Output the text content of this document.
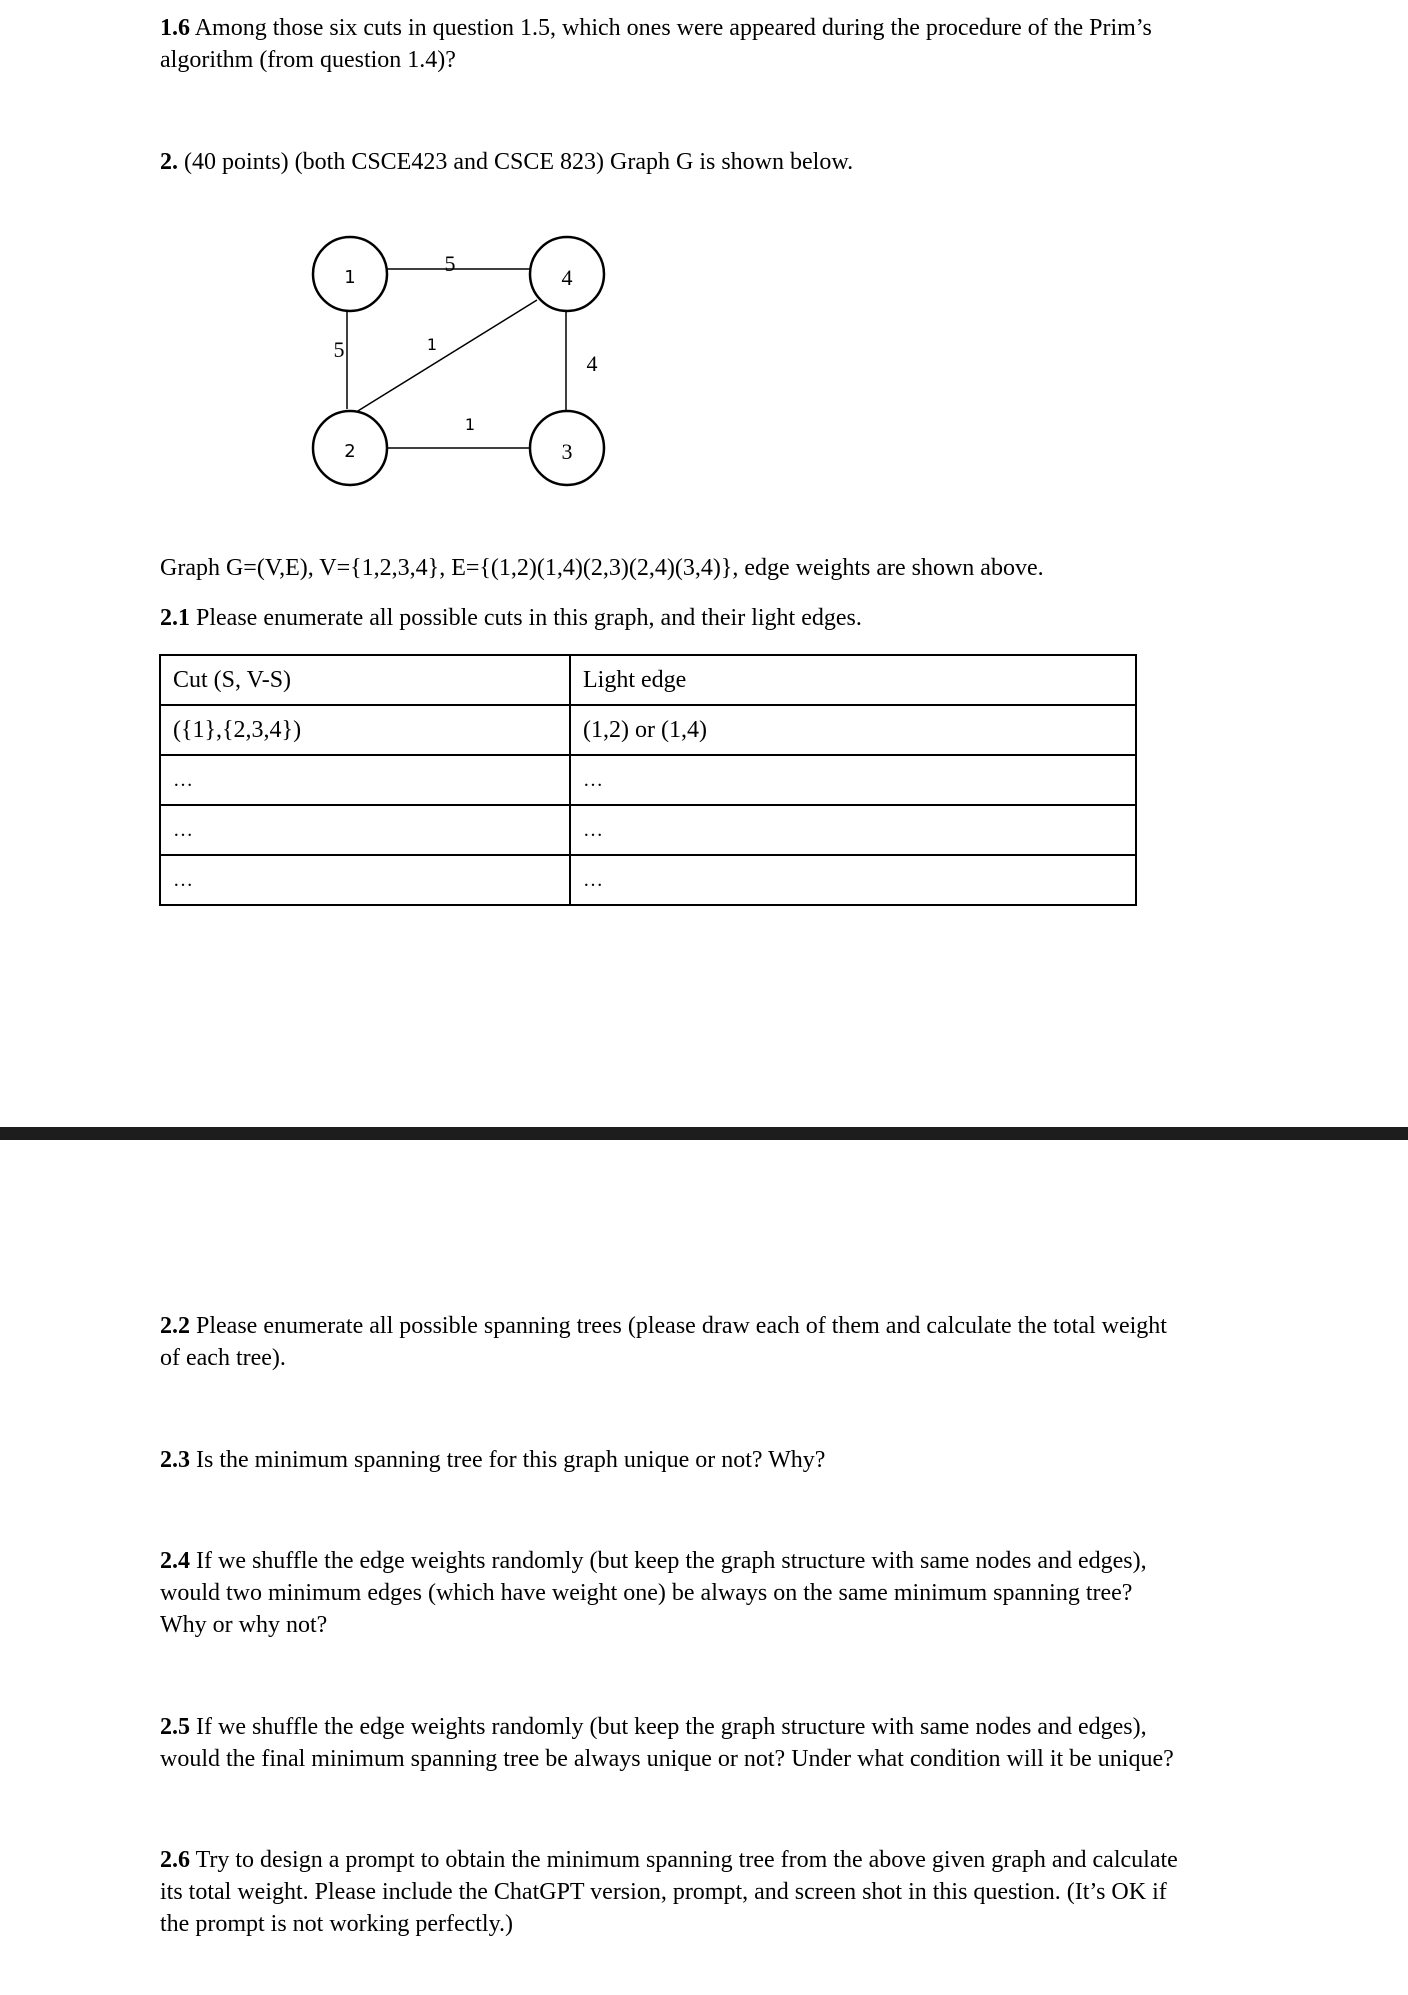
1.6 Among those six cuts in question 1.5, which ones were appeared during the procedure of the Prim’s
algorithm (from question 1.4)?

2. (40 points) (both CSCE423 and CSCE 823) Graph G is shown below.

1	4
2	3
5
5	1
1
4

Graph G=(V,E), V={1,2,3,4}, E={(1,2)(1,4)(2,3)(2,4)(3,4)}, edge weights are shown above.

2.1 Please enumerate all possible cuts in this graph, and their light edges.

Cut (S, V-S)	Light edge
({1},{2,3,4})	(1,2) or (1,4)
…	…
…	…
…	…

2.2 Please enumerate all possible spanning trees (please draw each of them and calculate the total weight
of each tree).

2.3 Is the minimum spanning tree for this graph unique or not? Why?

2.4 If we shuffle the edge weights randomly (but keep the graph structure with same nodes and edges),
would two minimum edges (which have weight one) be always on the same minimum spanning tree?
Why or why not?

2.5 If we shuffle the edge weights randomly (but keep the graph structure with same nodes and edges),
would the final minimum spanning tree be always unique or not? Under what condition will it be unique?

2.6 Try to design a prompt to obtain the minimum spanning tree from the above given graph and calculate
its total weight. Please include the ChatGPT version, prompt, and screen shot in this question. (It’s OK if
the prompt is not working perfectly.)
